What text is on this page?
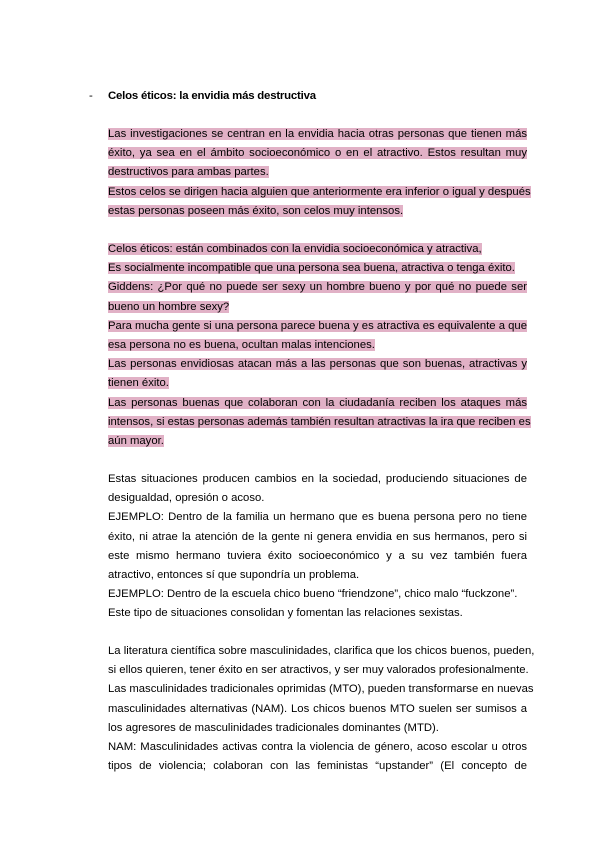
- Celos éticos: la envidia más destructiva
Las investigaciones se centran en la envidia hacia otras personas que tienen más
éxito, ya sea en el ámbito socioeconómico o en el atractivo. Estos resultan muy
destructivos para ambas partes.
Estos celos se dirigen hacia alguien que anteriormente era inferior o igual y después
estas personas poseen más éxito, son celos muy intensos.
Celos éticos: están combinados con la envidia socioeconómica y atractiva,
Es socialmente incompatible que una persona sea buena, atractiva o tenga éxito.
Giddens: ¿Por qué no puede ser sexy un hombre bueno y por qué no puede ser
bueno un hombre sexy?
Para mucha gente si una persona parece buena y es atractiva es equivalente a que
esa persona no es buena, ocultan malas intenciones.
Las personas envidiosas atacan más a las personas que son buenas, atractivas y
tienen éxito.
Las personas buenas que colaboran con la ciudadanía reciben los ataques más
intensos, si estas personas además también resultan atractivas la ira que reciben es
aún mayor.
Estas situaciones producen cambios en la sociedad, produciendo situaciones de
desigualdad, opresión o acoso.
EJEMPLO: Dentro de la familia un hermano que es buena persona pero no tiene
éxito, ni atrae la atención de la gente ni genera envidia en sus hermanos, pero si
este mismo hermano tuviera éxito socioeconómico y a su vez también fuera
atractivo, entonces sí que supondría un problema.
EJEMPLO: Dentro de la escuela chico bueno “friendzone”, chico malo “fuckzone”.
Este tipo de situaciones consolidan y fomentan las relaciones sexistas.
La literatura científica sobre masculinidades, clarifica que los chicos buenos, pueden,
si ellos quieren, tener éxito en ser atractivos, y ser muy valorados profesionalmente.
Las masculinidades tradicionales oprimidas (MTO), pueden transformarse en nuevas
masculinidades alternativas (NAM). Los chicos buenos MTO suelen ser sumisos a
los agresores de masculinidades tradicionales dominantes (MTD).
NAM: Masculinidades activas contra la violencia de género, acoso escolar u otros
tipos de violencia; colaboran con las feministas “upstander” (El concepto de
